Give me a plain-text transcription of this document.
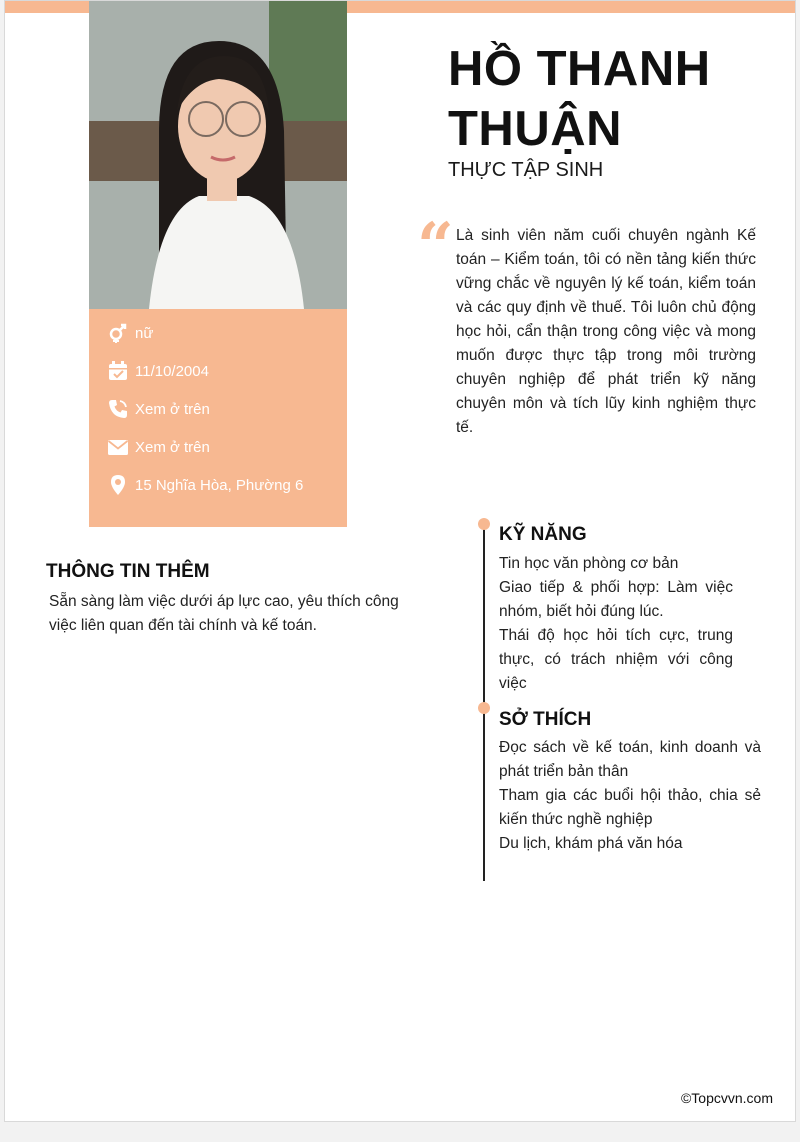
nữ
11/10/2004
Xem ở trên
Xem ở trên
15 Nghĩa Hòa, Phường 6
HỒ THANH
THUẬN
THỰC TẬP SINH
“ Là sinh viên năm cuối chuyên ngành Kế toán – Kiểm toán, tôi có nền tảng kiến thức vững chắc về nguyên lý kế toán, kiểm toán và các quy định về thuế. Tôi luôn chủ động học hỏi, cẩn thận trong công việc và mong muốn được thực tập trong môi trường chuyên nghiệp để phát triển kỹ năng chuyên môn và tích lũy kinh nghiệm thực tế.
THÔNG TIN THÊM
Sẵn sàng làm việc dưới áp lực cao, yêu thích công việc liên quan đến tài chính và kế toán.
KỸ NĂNG
Tin học văn phòng cơ bản
Giao tiếp & phối hợp: Làm việc nhóm, biết hỏi đúng lúc.
Thái độ học hỏi tích cực, trung thực, có trách nhiệm với công việc
SỞ THÍCH
Đọc sách về kế toán, kinh doanh và phát triển bản thân
Tham gia các buổi hội thảo, chia sẻ kiến thức nghề nghiệp
Du lịch, khám phá văn hóa
©Topcvvn.com
